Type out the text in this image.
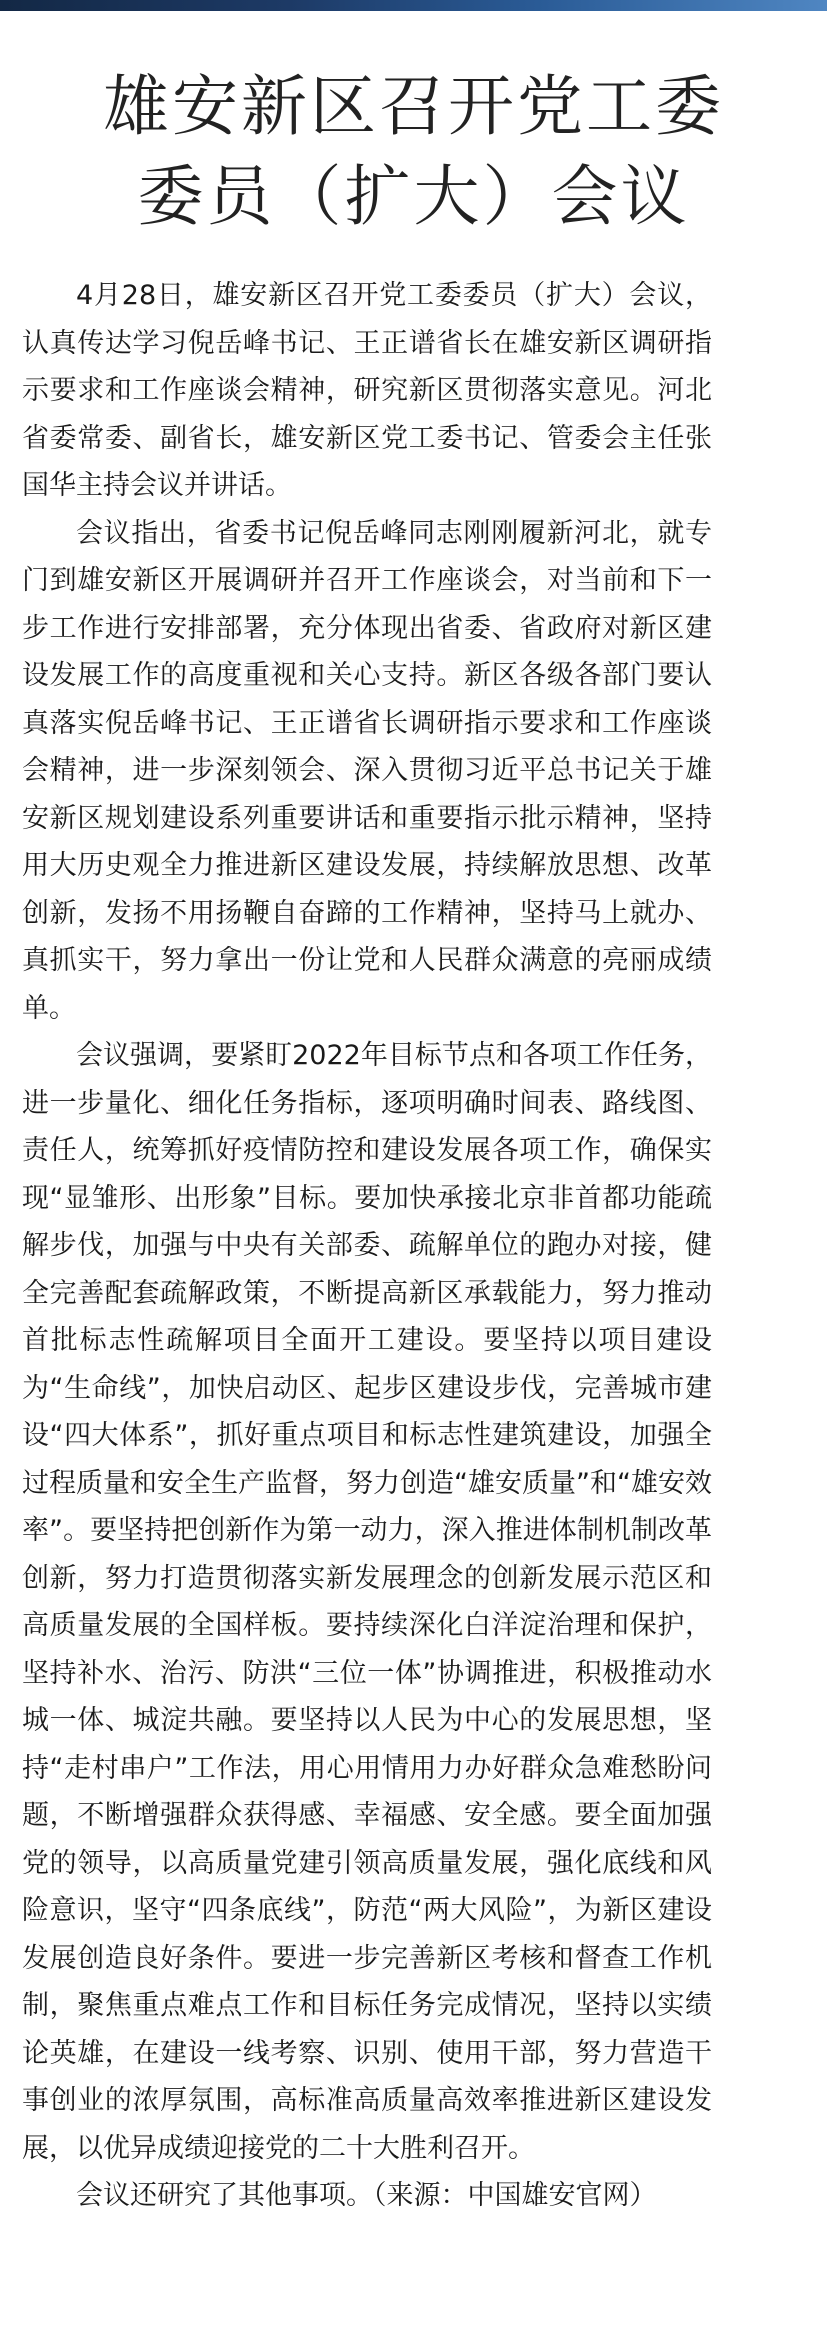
雄安新区召开党工委
委员（扩大）会议

4月28日，雄安新区召开党工委委员（扩大）会议，认真传达学习倪岳峰书记、王正谱省长在雄安新区调研指示要求和工作座谈会精神，研究新区贯彻落实意见。河北省委常委、副省长，雄安新区党工委书记、管委会主任张国华主持会议并讲话。

会议指出，省委书记倪岳峰同志刚刚履新河北，就专门到雄安新区开展调研并召开工作座谈会，对当前和下一步工作进行安排部署，充分体现出省委、省政府对新区建设发展工作的高度重视和关心支持。新区各级各部门要认真落实倪岳峰书记、王正谱省长调研指示要求和工作座谈会精神，进一步深刻领会、深入贯彻习近平总书记关于雄安新区规划建设系列重要讲话和重要指示批示精神，坚持用大历史观全力推进新区建设发展，持续解放思想、改革创新，发扬不用扬鞭自奋蹄的工作精神，坚持马上就办、真抓实干，努力拿出一份让党和人民群众满意的亮丽成绩单。

会议强调，要紧盯2022年目标节点和各项工作任务，进一步量化、细化任务指标，逐项明确时间表、路线图、责任人，统筹抓好疫情防控和建设发展各项工作，确保实现“显雏形、出形象”目标。要加快承接北京非首都功能疏解步伐，加强与中央有关部委、疏解单位的跑办对接，健全完善配套疏解政策，不断提高新区承载能力，努力推动首批标志性疏解项目全面开工建设。要坚持以项目建设为“生命线”，加快启动区、起步区建设步伐，完善城市建设“四大体系”，抓好重点项目和标志性建筑建设，加强全过程质量和安全生产监督，努力创造“雄安质量”和“雄安效率”。要坚持把创新作为第一动力，深入推进体制机制改革创新，努力打造贯彻落实新发展理念的创新发展示范区和高质量发展的全国样板。要持续深化白洋淀治理和保护，坚持补水、治污、防洪“三位一体”协调推进，积极推动水城一体、城淀共融。要坚持以人民为中心的发展思想，坚持“走村串户”工作法，用心用情用力办好群众急难愁盼问题，不断增强群众获得感、幸福感、安全感。要全面加强党的领导，以高质量党建引领高质量发展，强化底线和风险意识，坚守“四条底线”，防范“两大风险”，为新区建设发展创造良好条件。要进一步完善新区考核和督查工作机制，聚焦重点难点工作和目标任务完成情况，坚持以实绩论英雄，在建设一线考察、识别、使用干部，努力营造干事创业的浓厚氛围，高标准高质量高效率推进新区建设发展，以优异成绩迎接党的二十大胜利召开。

会议还研究了其他事项。（来源：中国雄安官网）
